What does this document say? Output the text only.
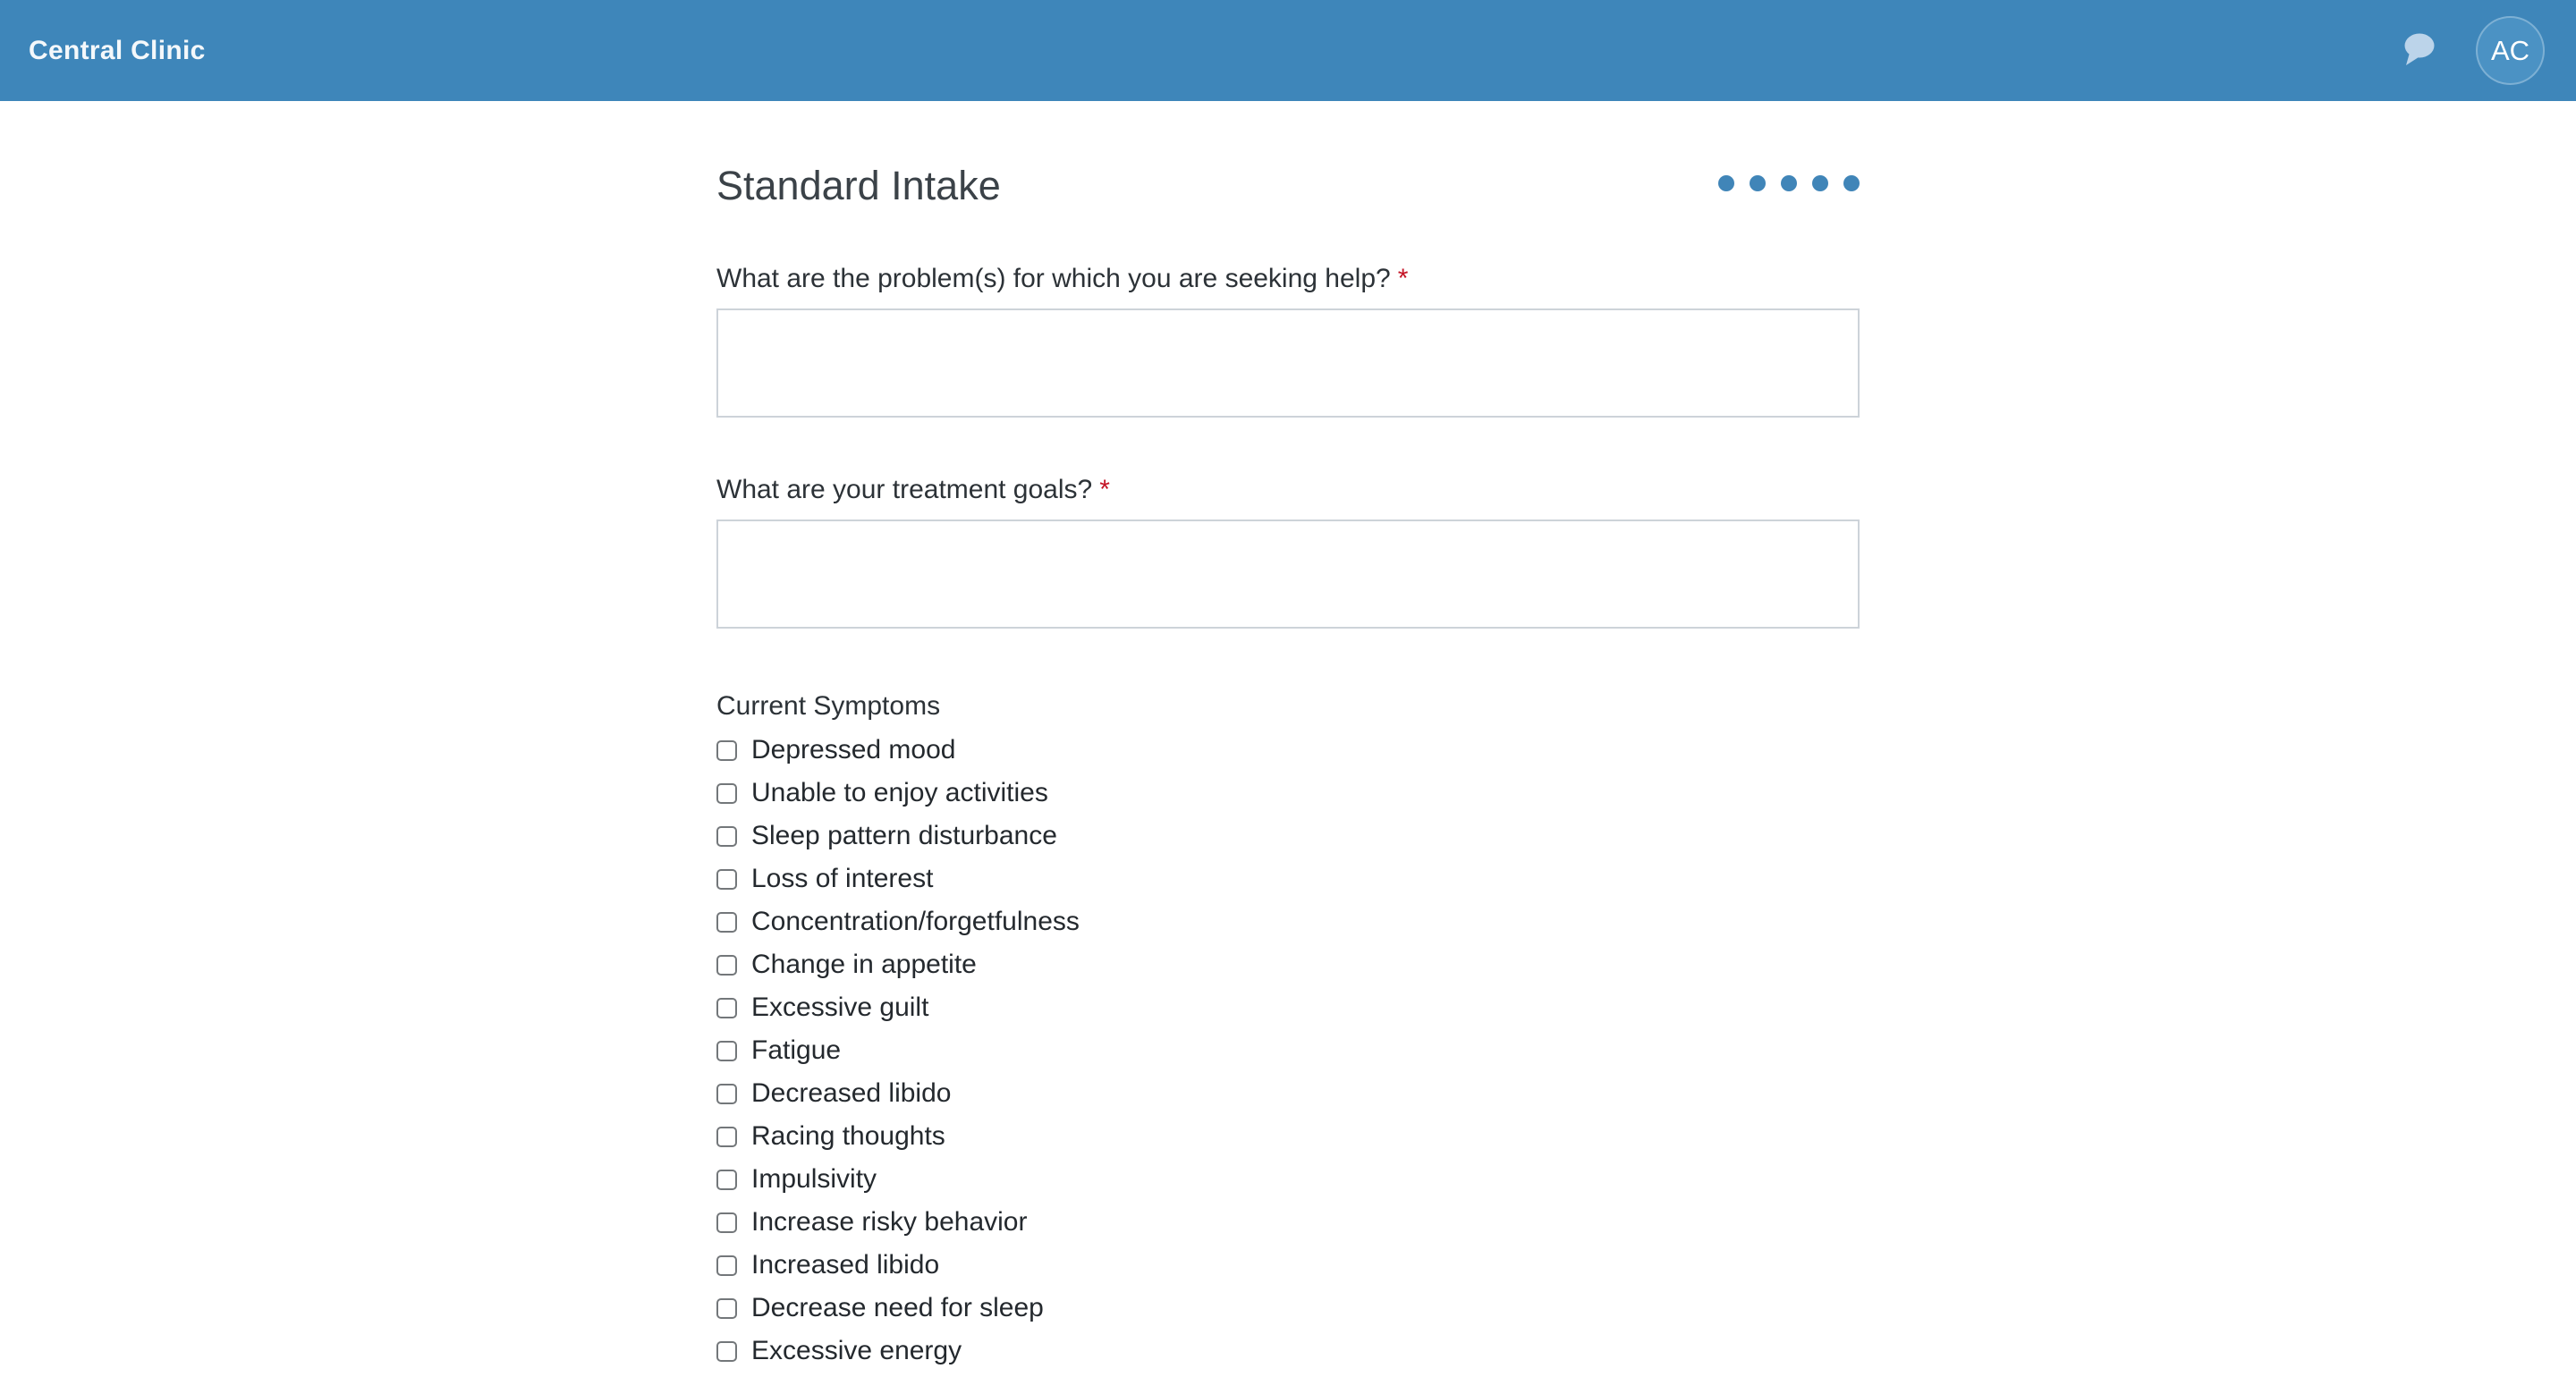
Central Clinic	AC
Standard Intake
What are the problem(s) for which you are seeking help? *
What are your treatment goals? *
Current Symptoms
Depressed mood
Unable to enjoy activities
Sleep pattern disturbance
Loss of interest
Concentration/forgetfulness
Change in appetite
Excessive guilt
Fatigue
Decreased libido
Racing thoughts
Impulsivity
Increase risky behavior
Increased libido
Decrease need for sleep
Excessive energy
